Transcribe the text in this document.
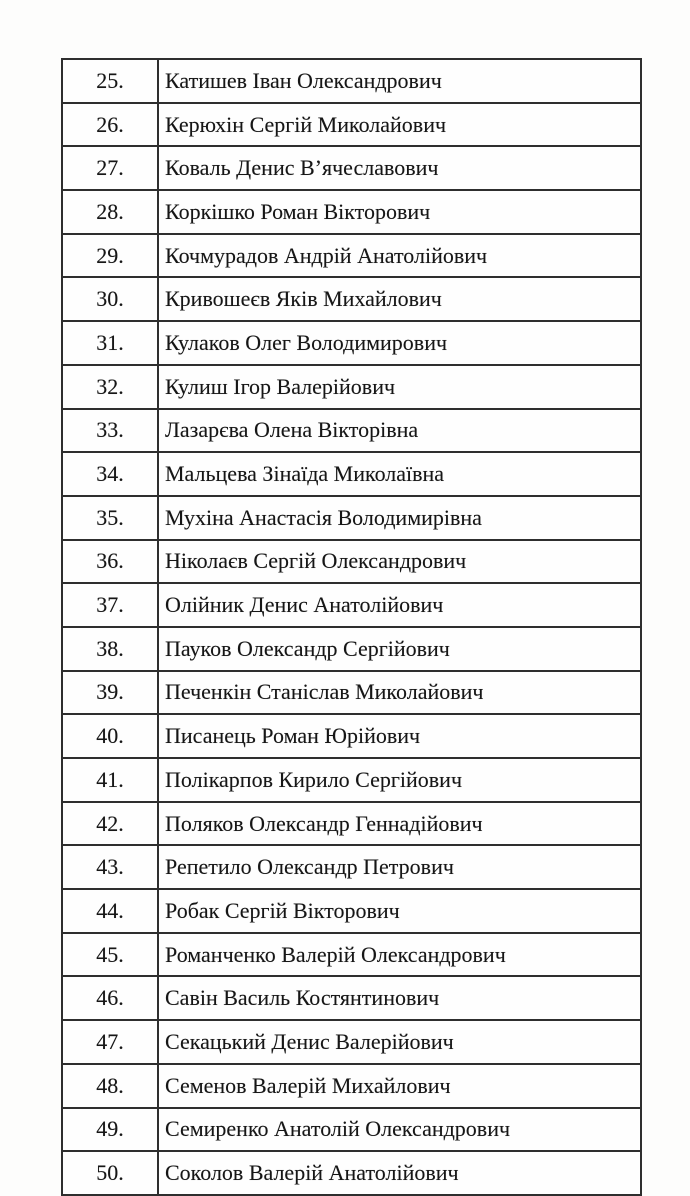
25.	Катишев Іван Олександрович
26.	Керюхін Сергій Миколайович
27.	Коваль Денис В’ячеславович
28.	Коркішко Роман Вікторович
29.	Кочмурадов Андрій Анатолійович
30.	Кривошеєв Яків Михайлович
31.	Кулаков Олег Володимирович
32.	Кулиш Ігор Валерійович
33.	Лазарєва Олена Вікторівна
34.	Мальцева Зінаїда Миколаївна
35.	Мухіна Анастасія Володимирівна
36.	Ніколаєв Сергій Олександрович
37.	Олійник Денис Анатолійович
38.	Пауков Олександр Сергійович
39.	Печенкін Станіслав Миколайович
40.	Писанець Роман Юрійович
41.	Полікарпов Кирило Сергійович
42.	Поляков Олександр Геннадійович
43.	Репетило Олександр Петрович
44.	Робак Сергій Вікторович
45.	Романченко Валерій Олександрович
46.	Савін Василь Костянтинович
47.	Секацький Денис Валерійович
48.	Семенов Валерій Михайлович
49.	Семиренко Анатолій Олександрович
50.	Соколов Валерій Анатолійович
